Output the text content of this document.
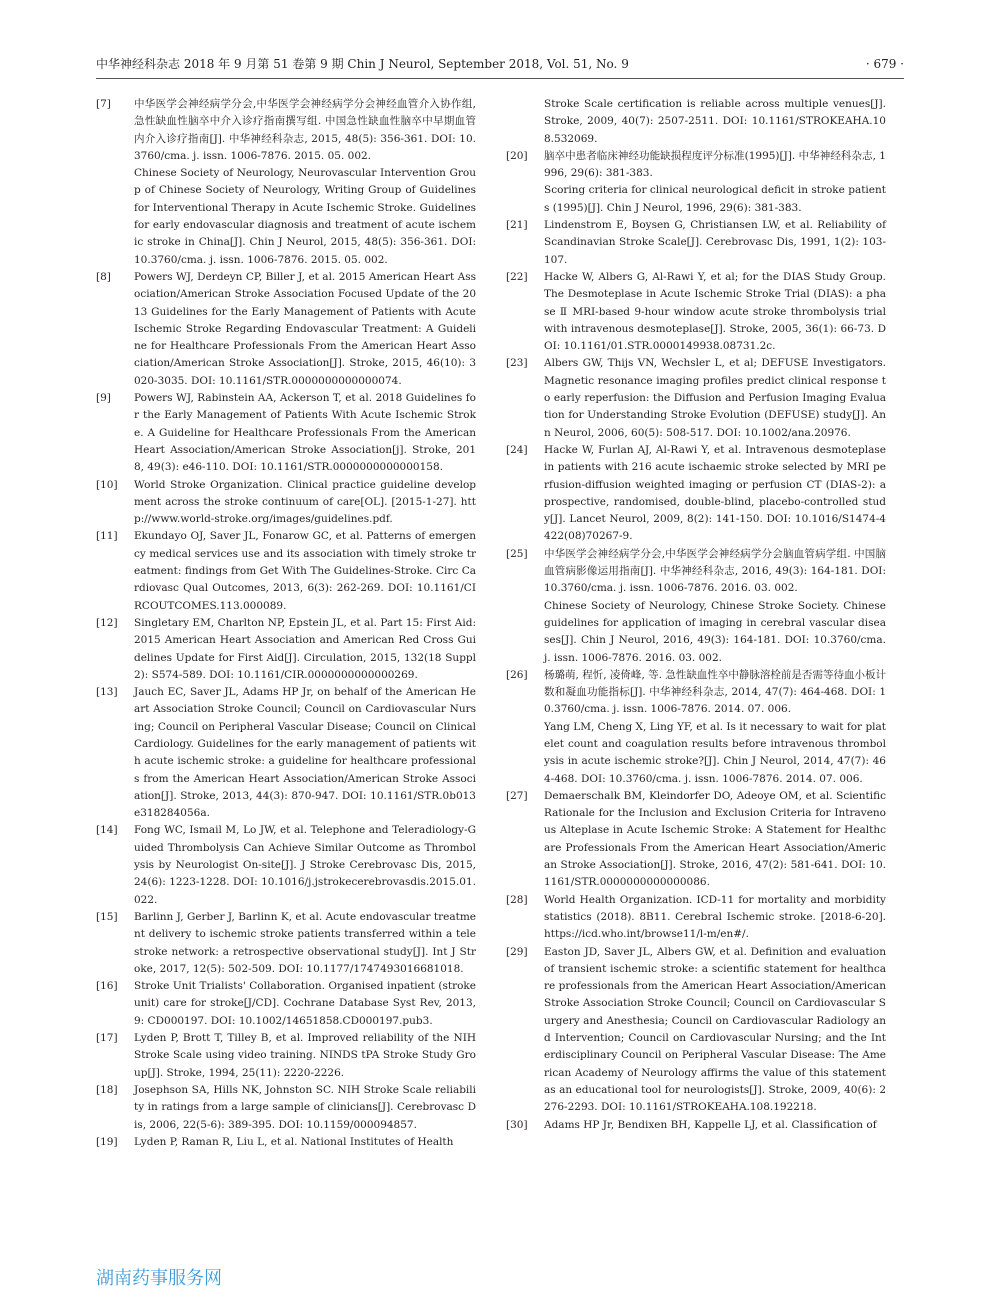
中华神经科杂志 2018 年 9 月第 51 卷第 9 期 Chin J Neurol, September 2018, Vol. 51, No. 9	· 679 ·
[7] 中华医学会神经病学分会,中华医学会神经病学分会神经血管介入协作组,急性缺血性脑卒中介入诊疗指南撰写组. 中国急性缺血性脑卒中早期血管内介入诊疗指南[J]. 中华神经科杂志, 2015, 48(5): 356-361. DOI: 10.3760/cma. j. issn. 1006-7876. 2015. 05. 002.
Chinese Society of Neurology, Neurovascular Intervention Group of Chinese Society of Neurology, Writing Group of Guidelines for Interventional Therapy in Acute Ischemic Stroke. Guidelines for early endovascular diagnosis and treatment of acute ischemic stroke in China[J]. Chin J Neurol, 2015, 48(5): 356-361. DOI: 10.3760/cma. j. issn. 1006-7876. 2015. 05. 002.
[8] Powers WJ, Derdeyn CP, Biller J, et al. 2015 American Heart Association/American Stroke Association Focused Update of the 2013 Guidelines for the Early Management of Patients with Acute Ischemic Stroke Regarding Endovascular Treatment: A Guideline for Healthcare Professionals From the American Heart Association/American Stroke Association[J]. Stroke, 2015, 46(10): 3020-3035. DOI: 10.1161/STR.0000000000000074.
[9] Powers WJ, Rabinstein AA, Ackerson T, et al. 2018 Guidelines for the Early Management of Patients With Acute Ischemic Stroke. A Guideline for Healthcare Professionals From the American Heart Association/American Stroke Association[j]. Stroke, 2018, 49(3): e46-110. DOI: 10.1161/STR.0000000000000158.
[10] World Stroke Organization. Clinical practice guideline development across the stroke continuum of care[OL]. [2015-1-27]. http://www.world-stroke.org/images/guidelines.pdf.
[11] Ekundayo OJ, Saver JL, Fonarow GC, et al. Patterns of emergency medical services use and its association with timely stroke treatment: findings from Get With The Guidelines-Stroke. Circ Cardiovasc Qual Outcomes, 2013, 6(3): 262-269. DOI: 10.1161/CIRCOUTCOMES.113.000089.
[12] Singletary EM, Charlton NP, Epstein JL, et al. Part 15: First Aid: 2015 American Heart Association and American Red Cross Guidelines Update for First Aid[J]. Circulation, 2015, 132(18 Suppl 2): S574-589. DOI: 10.1161/CIR.0000000000000269.
[13] Jauch EC, Saver JL, Adams HP Jr, on behalf of the American Heart Association Stroke Council; Council on Cardiovascular Nursing; Council on Peripheral Vascular Disease; Council on Clinical Cardiology. Guidelines for the early management of patients with acute ischemic stroke: a guideline for healthcare professionals from the American Heart Association/American Stroke Association[J]. Stroke, 2013, 44(3): 870-947. DOI: 10.1161/STR.0b013e318284056a.
[14] Fong WC, Ismail M, Lo JW, et al. Telephone and Teleradiology-Guided Thrombolysis Can Achieve Similar Outcome as Thrombolysis by Neurologist On-site[J]. J Stroke Cerebrovasc Dis, 2015, 24(6): 1223-1228. DOI: 10.1016/j.jstrokecerebrovasdis.2015.01.022.
[15] Barlinn J, Gerber J, Barlinn K, et al. Acute endovascular treatment delivery to ischemic stroke patients transferred within a telestroke network: a retrospective observational study[J]. Int J Stroke, 2017, 12(5): 502-509. DOI: 10.1177/1747493016681018.
[16] Stroke Unit Trialists' Collaboration. Organised inpatient (stroke unit) care for stroke[J/CD]. Cochrane Database Syst Rev, 2013, 9: CD000197. DOI: 10.1002/14651858.CD000197.pub3.
[17] Lyden P, Brott T, Tilley B, et al. Improved reliability of the NIH Stroke Scale using video training. NINDS tPA Stroke Study Group[J]. Stroke, 1994, 25(11): 2220-2226.
[18] Josephson SA, Hills NK, Johnston SC. NIH Stroke Scale reliability in ratings from a large sample of clinicians[J]. Cerebrovasc Dis, 2006, 22(5-6): 389-395. DOI: 10.1159/000094857.
[19] Lyden P, Raman R, Liu L, et al. National Institutes of Health
Stroke Scale certification is reliable across multiple venues[J]. Stroke, 2009, 40(7): 2507-2511. DOI: 10.1161/STROKEAHA.108.532069.
[20] 脑卒中患者临床神经功能缺损程度评分标准(1995)[J]. 中华神经科杂志, 1996, 29(6): 381-383.
Scoring criteria for clinical neurological deficit in stroke patients (1995)[J]. Chin J Neurol, 1996, 29(6): 381-383.
[21] Lindenstrom E, Boysen G, Christiansen LW, et al. Reliability of Scandinavian Stroke Scale[J]. Cerebrovasc Dis, 1991, 1(2): 103-107.
[22] Hacke W, Albers G, Al-Rawi Y, et al; for the DIAS Study Group. The Desmoteplase in Acute Ischemic Stroke Trial (DIAS): a phase Ⅱ MRI-based 9-hour window acute stroke thrombolysis trial with intravenous desmoteplase[J]. Stroke, 2005, 36(1): 66-73. DOI: 10.1161/01.STR.0000149938.08731.2c.
[23] Albers GW, Thijs VN, Wechsler L, et al; DEFUSE Investigators. Magnetic resonance imaging profiles predict clinical response to early reperfusion: the Diffusion and Perfusion Imaging Evaluation for Understanding Stroke Evolution (DEFUSE) study[J]. Ann Neurol, 2006, 60(5): 508-517. DOI: 10.1002/ana.20976.
[24] Hacke W, Furlan AJ, Al-Rawi Y, et al. Intravenous desmoteplase in patients with 216 acute ischaemic stroke selected by MRI perfusion-diffusion weighted imaging or perfusion CT (DIAS-2): a prospective, randomised, double-blind, placebo-controlled study[J]. Lancet Neurol, 2009, 8(2): 141-150. DOI: 10.1016/S1474-4422(08)70267-9.
[25] 中华医学会神经病学分会,中华医学会神经病学分会脑血管病学组. 中国脑血管病影像运用指南[J]. 中华神经科杂志, 2016, 49(3): 164-181. DOI: 10.3760/cma. j. issn. 1006-7876. 2016. 03. 002.
Chinese Society of Neurology, Chinese Stroke Society. Chinese guidelines for application of imaging in cerebral vascular diseases[J]. Chin J Neurol, 2016, 49(3): 164-181. DOI: 10.3760/cma. j. issn. 1006-7876. 2016. 03. 002.
[26] 杨璐萌, 程忻, 凌倚峰, 等. 急性缺血性卒中静脉溶栓前是否需等待血小板计数和凝血功能指标[J]. 中华神经科杂志, 2014, 47(7): 464-468. DOI: 10.3760/cma. j. issn. 1006-7876. 2014. 07. 006.
Yang LM, Cheng X, Ling YF, et al. Is it necessary to wait for platelet count and coagulation results before intravenous thrombolysis in acute ischemic stroke?[J]. Chin J Neurol, 2014, 47(7): 464-468. DOI: 10.3760/cma. j. issn. 1006-7876. 2014. 07. 006.
[27] Demaerschalk BM, Kleindorfer DO, Adeoye OM, et al. Scientific Rationale for the Inclusion and Exclusion Criteria for Intravenous Alteplase in Acute Ischemic Stroke: A Statement for Healthcare Professionals From the American Heart Association/American Stroke Association[J]. Stroke, 2016, 47(2): 581-641. DOI: 10.1161/STR.0000000000000086.
[28] World Health Organization. ICD-11 for mortality and morbidity statistics (2018). 8B11. Cerebral Ischemic stroke. [2018-6-20]. https://icd.who.int/browse11/l-m/en#/.
[29] Easton JD, Saver JL, Albers GW, et al. Definition and evaluation of transient ischemic stroke: a scientific statement for healthcare professionals from the American Heart Association/American Stroke Association Stroke Council; Council on Cardiovascular Surgery and Anesthesia; Council on Cardiovascular Radiology and Intervention; Council on Cardiovascular Nursing; and the Interdisciplinary Council on Peripheral Vascular Disease: The American Academy of Neurology affirms the value of this statement as an educational tool for neurologists[J]. Stroke, 2009, 40(6): 2276-2293. DOI: 10.1161/STROKEAHA.108.192218.
[30] Adams HP Jr, Bendixen BH, Kappelle LJ, et al. Classification of
湖南药事服务网
